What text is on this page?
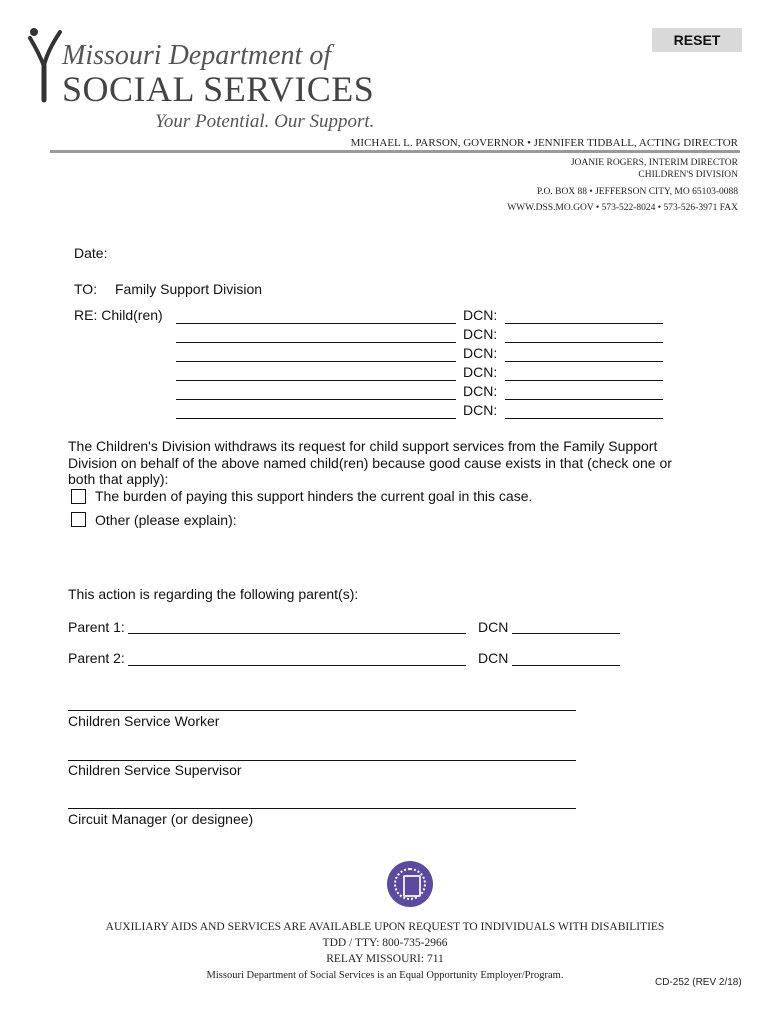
RESET
Missouri Department of
SOCIAL SERVICES
Your Potential. Our Support.
MICHAEL L. PARSON, GOVERNOR • JENNIFER TIDBALL, ACTING DIRECTOR
JOANIE ROGERS, INTERIM DIRECTOR
CHILDREN'S DIVISION
P.O. BOX 88 • JEFFERSON CITY, MO 65103-0088
WWW.DSS.MO.GOV • 573-522-8024 • 573-526-3971 FAX
Date:
TO: Family Support Division
RE: Child(ren)	DCN:
DCN:
DCN:
DCN:
DCN:
DCN:
The Children's Division withdraws its request for child support services from the Family Support Division on behalf of the above named child(ren) because good cause exists in that (check one or both that apply):
The burden of paying this support hinders the current goal in this case.
Other (please explain):
This action is regarding the following parent(s):
Parent 1:	DCN
Parent 2:	DCN
Children Service Worker
Children Service Supervisor
Circuit Manager (or designee)
AUXILIARY AIDS AND SERVICES ARE AVAILABLE UPON REQUEST TO INDIVIDUALS WITH DISABILITIES
TDD / TTY: 800-735-2966
RELAY MISSOURI: 711
Missouri Department of Social Services is an Equal Opportunity Employer/Program.
CD-252 (REV 2/18)
